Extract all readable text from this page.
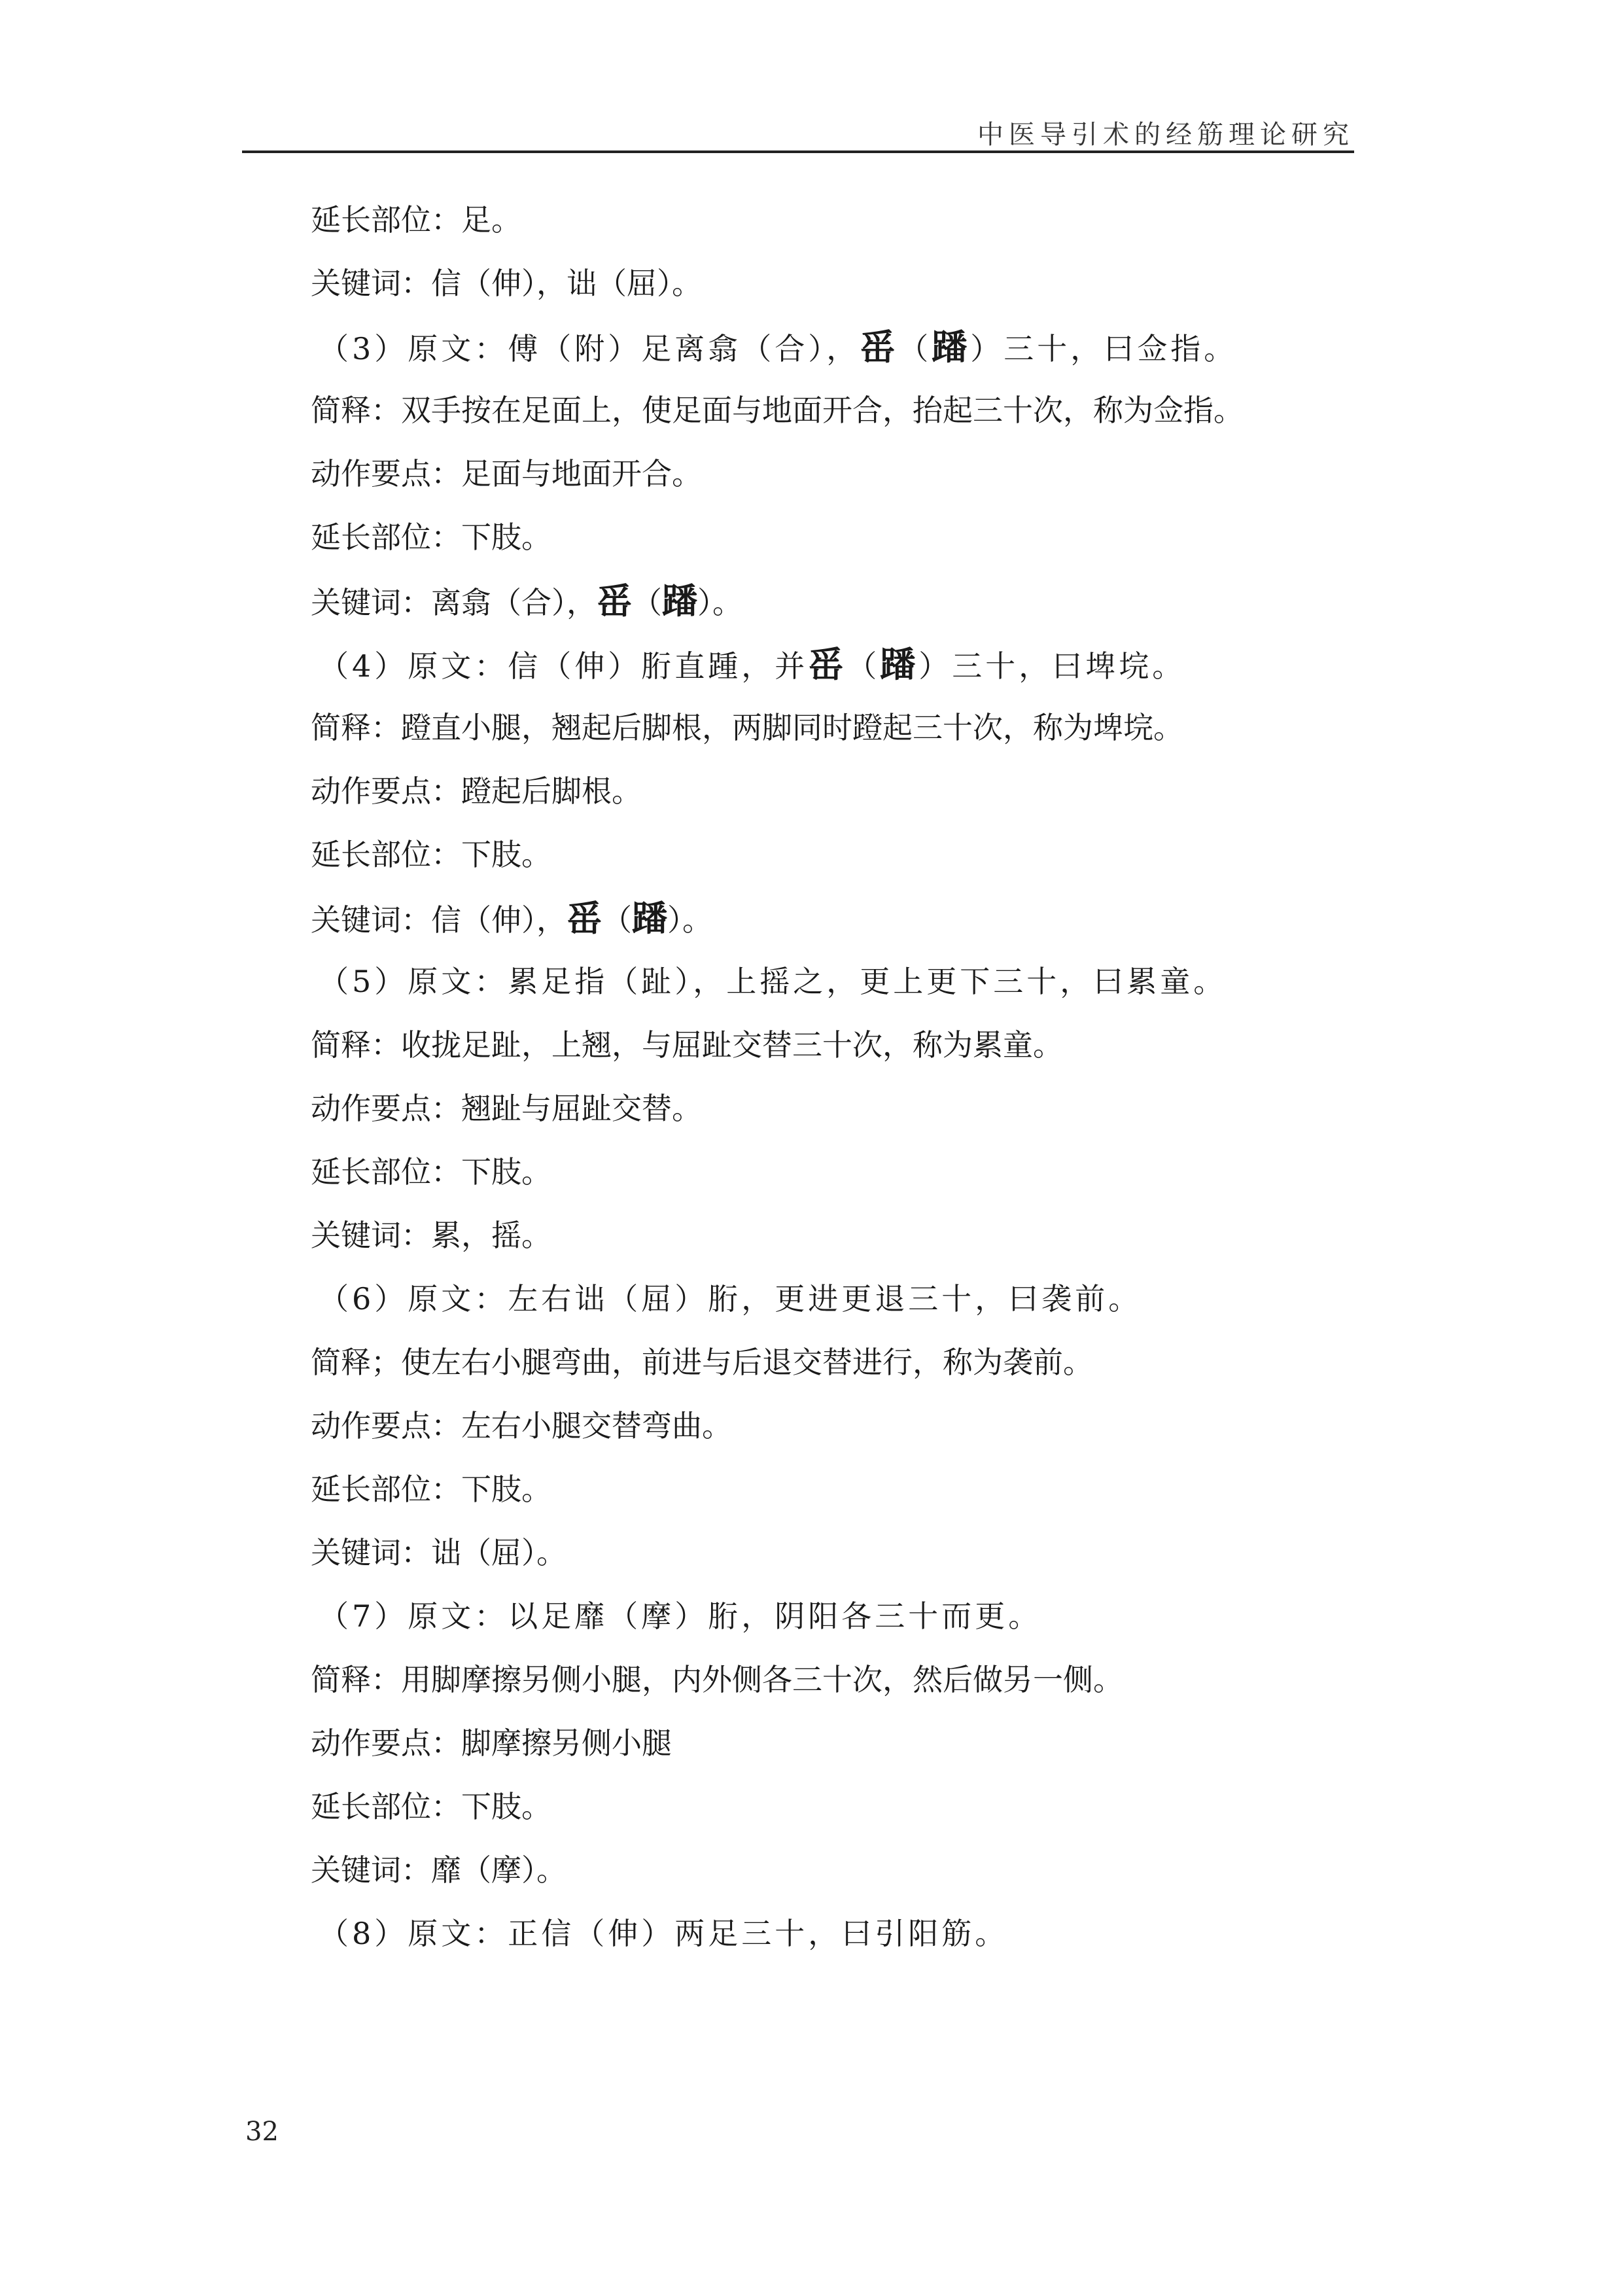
中医导引术的经筋理论研究
延长部位：足。
关键词：信（伸），诎（屈）。
（3）原文：傅（附）足离翕（合），䍃（蹯）三十，曰佥指。
简释：双手按在足面上，使足面与地面开合，抬起三十次，称为佥指。
动作要点：足面与地面开合。
延长部位：下肢。
关键词：离翕（合），䍃（蹯）。
（4）原文：信（伸）胻直踵，并䍃（蹯）三十，曰埤垸。
简释：蹬直小腿，翘起后脚根，两脚同时蹬起三十次，称为埤垸。
动作要点：蹬起后脚根。
延长部位：下肢。
关键词：信（伸），䍃（蹯）。
（5）原文：累足指（趾），上摇之，更上更下三十，曰累童。
简释：收拢足趾，上翘，与屈趾交替三十次，称为累童。
动作要点：翘趾与屈趾交替。
延长部位：下肢。
关键词：累，摇。
（6）原文：左右诎（屈）胻，更进更退三十，曰袭前。
简释；使左右小腿弯曲，前进与后退交替进行，称为袭前。
动作要点：左右小腿交替弯曲。
延长部位：下肢。
关键词：诎（屈）。
（7）原文：以足靡（摩）胻，阴阳各三十而更。
简释：用脚摩擦另侧小腿，内外侧各三十次，然后做另一侧。
动作要点：脚摩擦另侧小腿
延长部位：下肢。
关键词：靡（摩）。
（8）原文：正信（伸）两足三十，曰引阳筋。
32
